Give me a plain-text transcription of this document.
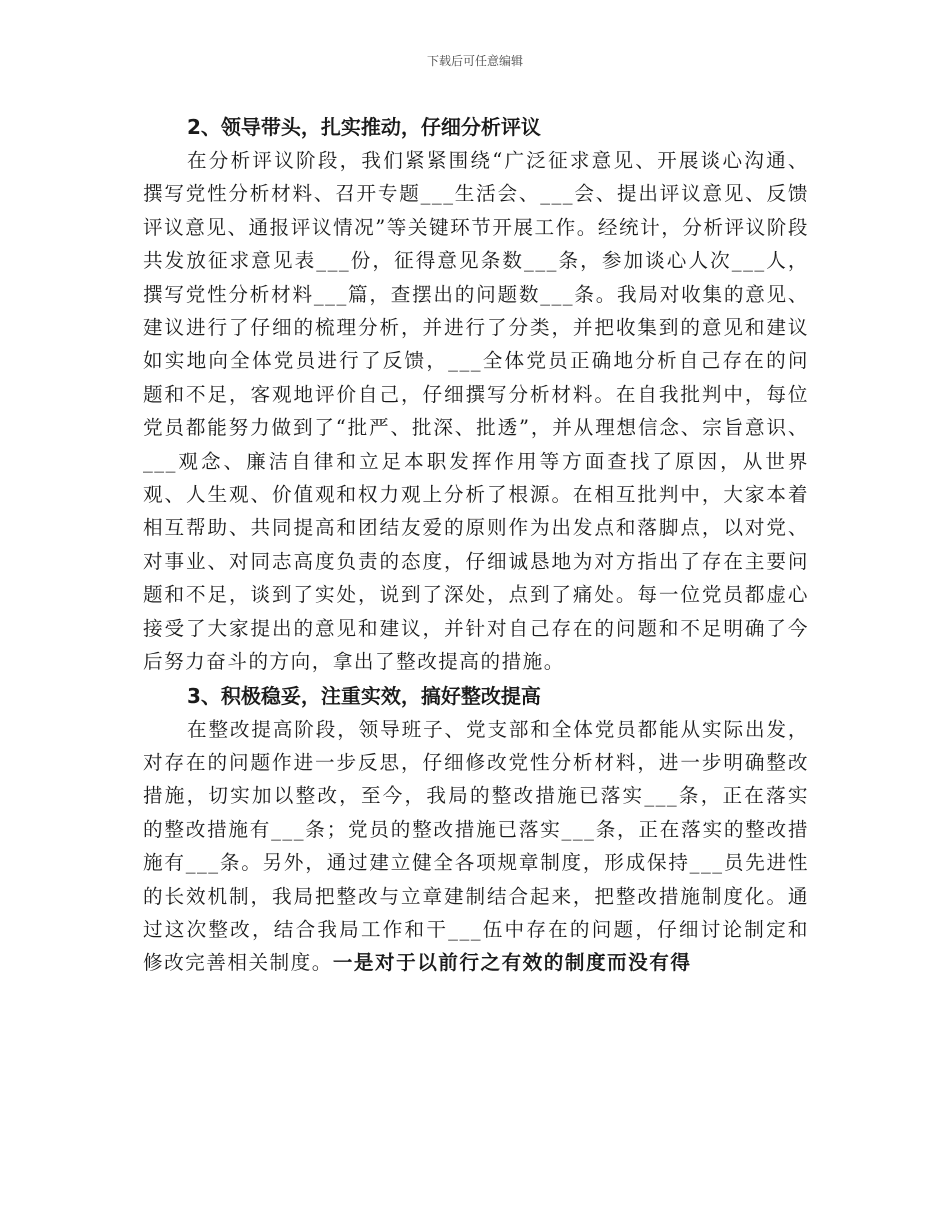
下载后可任意编辑
2、领导带头，扎实推动，仔细分析评议

在分析评议阶段，我们紧紧围绕“广泛征求意见、开展谈心沟通、撰写党性分析材料、召开专题___生活会、___会、提出评议意见、反馈评议意见、通报评议情况”等关键环节开展工作。经统计，分析评议阶段共发放征求意见表___份，征得意见条数___条，参加谈心人次___人，撰写党性分析材料___篇，查摆出的问题数___条。我局对收集的意见、建议进行了仔细的梳理分析，并进行了分类，并把收集到的意见和建议如实地向全体党员进行了反馈，___全体党员正确地分析自己存在的问题和不足，客观地评价自己，仔细撰写分析材料。在自我批判中，每位党员都能努力做到了“批严、批深、批透”，并从理想信念、宗旨意识、___观念、廉洁自律和立足本职发挥作用等方面查找了原因，从世界观、人生观、价值观和权力观上分析了根源。在相互批判中，大家本着相互帮助、共同提高和团结友爱的原则作为出发点和落脚点，以对党、对事业、对同志高度负责的态度，仔细诚恳地为对方指出了存在主要问题和不足，谈到了实处，说到了深处，点到了痛处。每一位党员都虚心接受了大家提出的意见和建议，并针对自己存在的问题和不足明确了今后努力奋斗的方向，拿出了整改提高的措施。

3、积极稳妥，注重实效，搞好整改提高

在整改提高阶段，领导班子、党支部和全体党员都能从实际出发，对存在的问题作进一步反思，仔细修改党性分析材料，进一步明确整改措施，切实加以整改，至今，我局的整改措施已落实___条，正在落实的整改措施有___条；党员的整改措施已落实___条，正在落实的整改措施有___条。另外，通过建立健全各项规章制度，形成保持___员先进性的长效机制，我局把整改与立章建制结合起来，把整改措施制度化。通过这次整改，结合我局工作和干___伍中存在的问题，仔细讨论制定和修改完善相关制度。一是对于以前行之有效的制度而没有得
